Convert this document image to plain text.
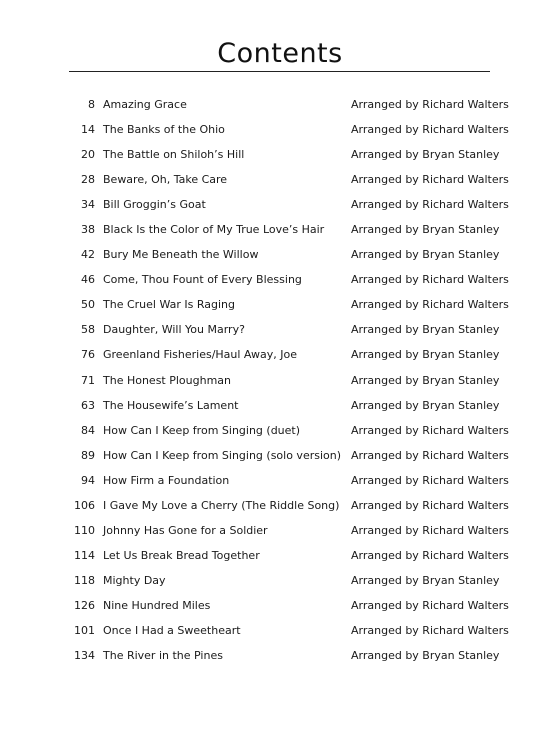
Contents
8 Amazing Grace	Arranged by Richard Walters
14 The Banks of the Ohio	Arranged by Richard Walters
20 The Battle on Shiloh’s Hill	Arranged by Bryan Stanley
28 Beware, Oh, Take Care	Arranged by Richard Walters
34 Bill Groggin’s Goat	Arranged by Richard Walters
38 Black Is the Color of My True Love’s Hair Arranged by Bryan Stanley
42 Bury Me Beneath the Willow	Arranged by Bryan Stanley
46 Come, Thou Fount of Every Blessing	Arranged by Richard Walters
50 The Cruel War Is Raging	Arranged by Richard Walters
58 Daughter, Will You Marry?	Arranged by Bryan Stanley
76 Greenland Fisheries/Haul Away, Joe	Arranged by Bryan Stanley
71 The Honest Ploughman	Arranged by Bryan Stanley
63 The Housewife’s Lament	Arranged by Bryan Stanley
84 How Can I Keep from Singing (duet)	Arranged by Richard Walters
89 How Can I Keep from Singing (solo version) Arranged by Richard Walters
94 How Firm a Foundation	Arranged by Richard Walters
106 I Gave My Love a Cherry (The Riddle Song) Arranged by Richard Walters
110 Johnny Has Gone for a Soldier	Arranged by Richard Walters
114 Let Us Break Bread Together	Arranged by Richard Walters
118 Mighty Day	Arranged by Bryan Stanley
126 Nine Hundred Miles	Arranged by Richard Walters
101 Once I Had a Sweetheart	Arranged by Richard Walters
134 The River in the Pines	Arranged by Bryan Stanley
